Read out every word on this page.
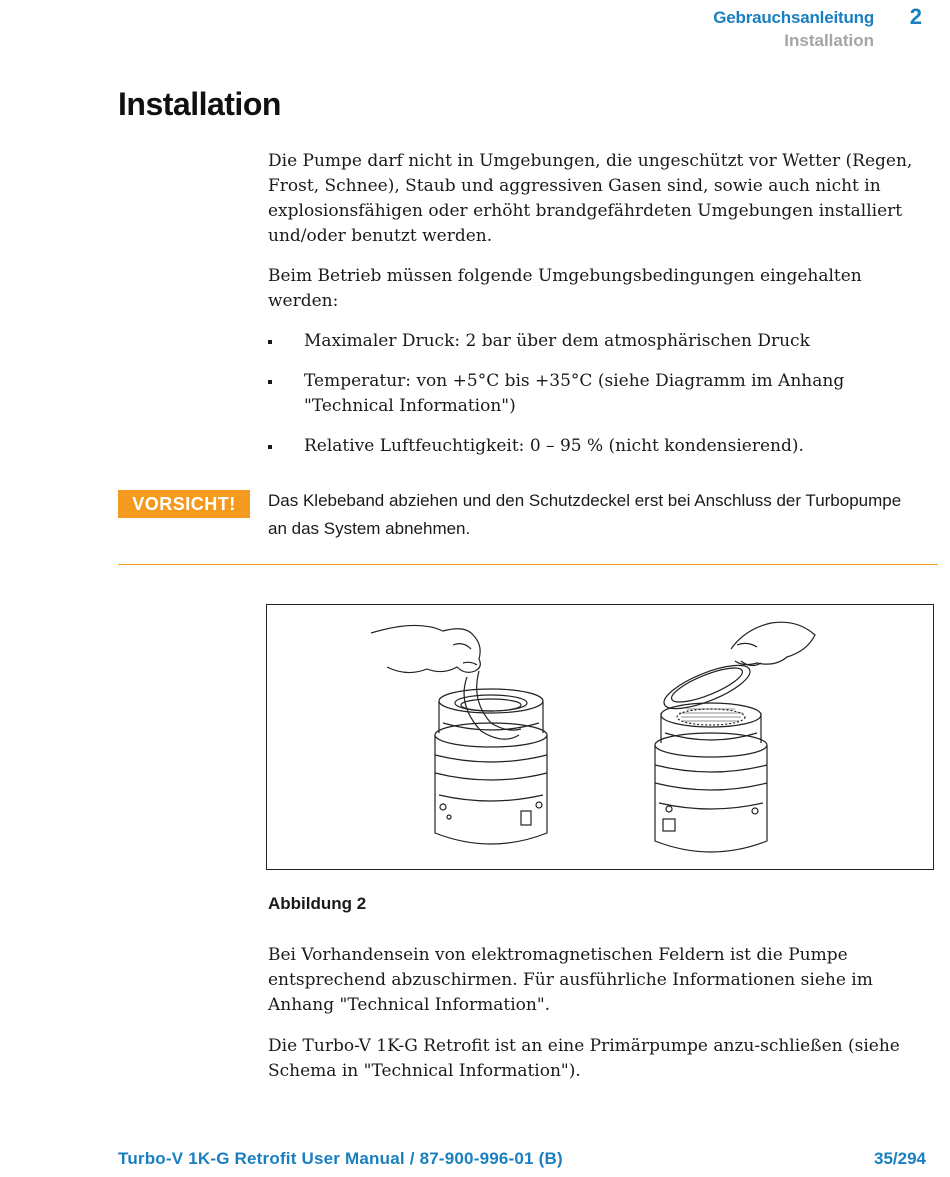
Gebrauchsanleitung 2
Installation
Installation

Die Pumpe darf nicht in Umgebungen, die ungeschützt vor Wetter (Regen, Frost, Schnee), Staub und aggressiven Gasen sind, sowie auch nicht in explosionsfähigen oder erhöht brandgefährdeten Umgebungen installiert und/oder benutzt werden.

Beim Betrieb müssen folgende Umgebungsbedingungen eingehalten werden:

Maximaler Druck: 2 bar über dem atmosphärischen Druck
Temperatur: von +5°C bis +35°C (siehe Diagramm im Anhang "Technical Information")
Relative Luftfeuchtigkeit: 0 – 95 % (nicht kondensierend).
VORSICHT!	Das Klebeband abziehen und den Schutzdeckel erst bei Anschluss der Turbopumpe an das System abnehmen.
Abbildung 2

Bei Vorhandensein von elektromagnetischen Feldern ist die Pumpe entsprechend abzuschirmen. Für ausführliche Informationen siehe im Anhang "Technical Information".

Die Turbo-V 1K-G Retrofit ist an eine Primärpumpe anzu-schließen (siehe Schema in "Technical Information").

Turbo-V 1K-G Retrofit User Manual / 87-900-996-01 (B)	35/294
